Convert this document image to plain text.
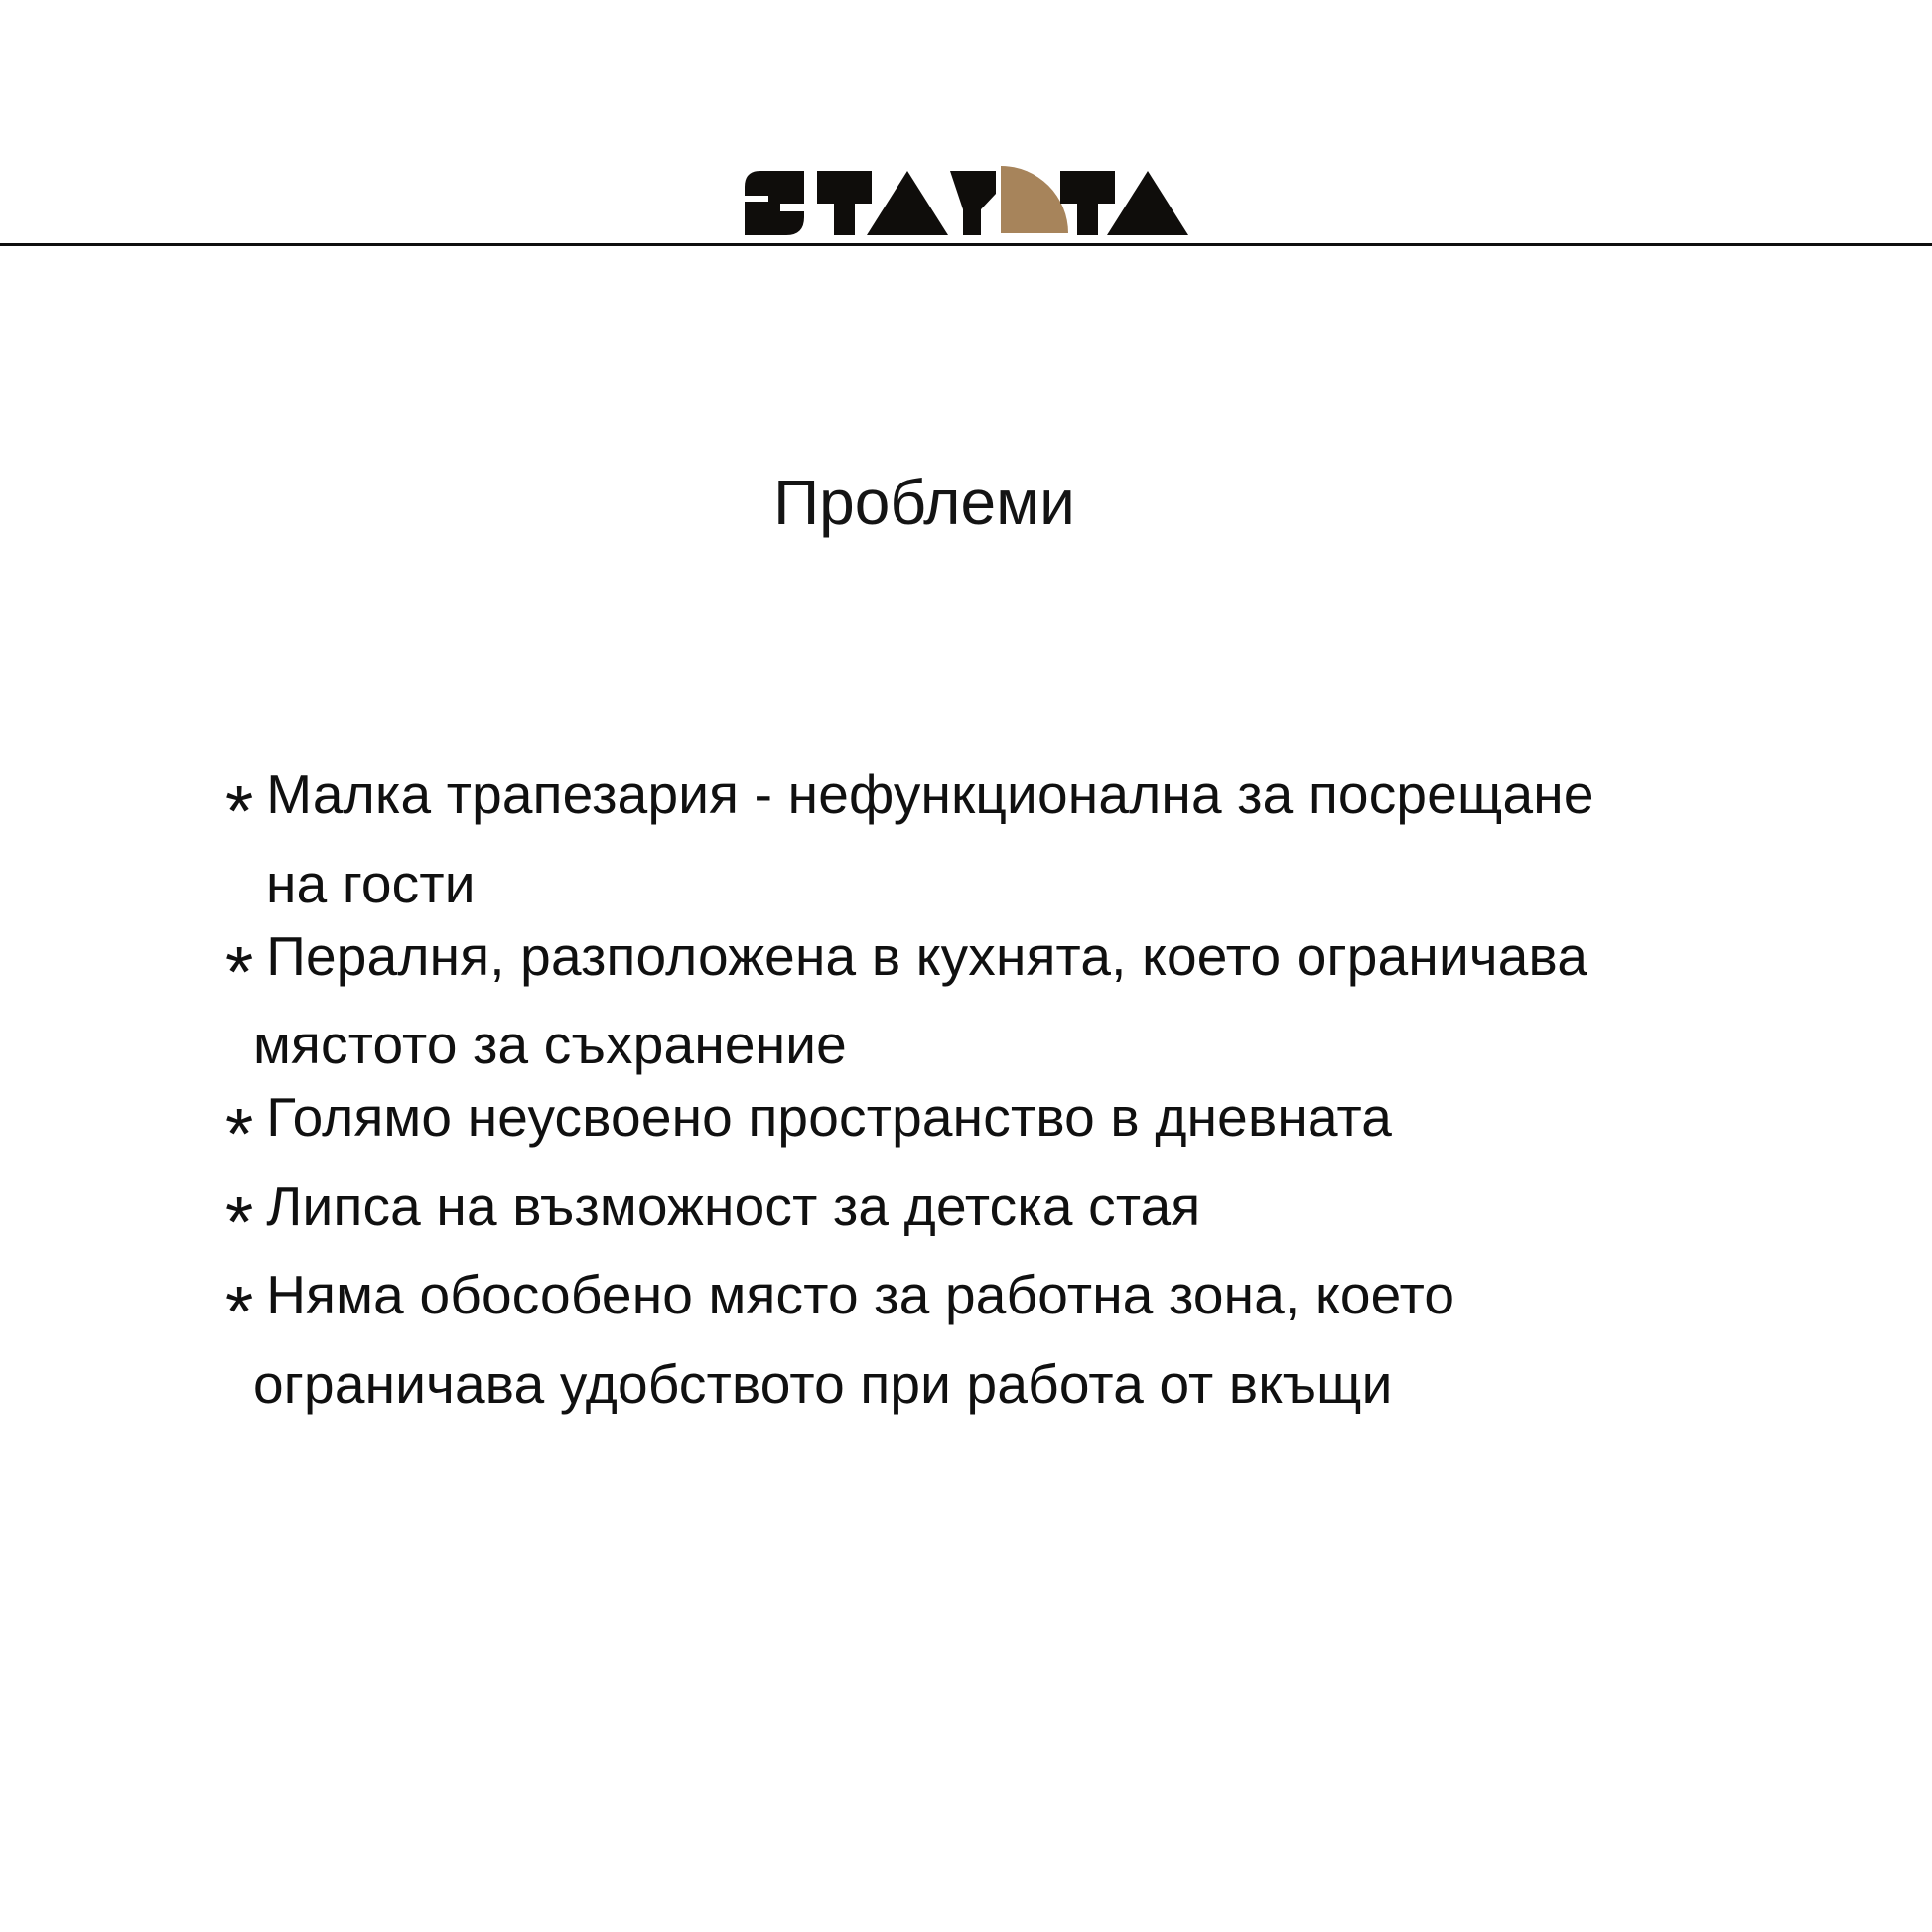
Проблеми
* Малка трапезария - нефункционална за посрещане
на гости
* Пералня, разположена в кухнята, което ограничава
мястото за съхранение
* Голямо неусвоено пространство в дневната
* Липса на възможност за детска стая
* Няма обособено място за работна зона, което
ограничава удобството при работа от вкъщи
